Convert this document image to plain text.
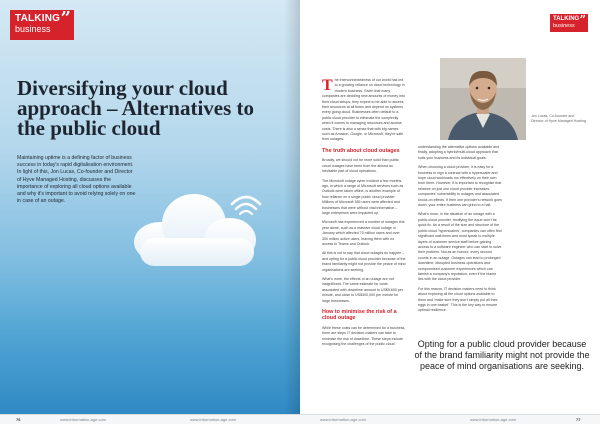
TALKING
business ”
Diversifying your cloud approach – Alternatives to the public cloud

Maintaining uptime is a defining factor of business success in today's rapid digitalisation environment. In light of this, Jon Lucas, Co-founder and Director of Hyve Managed Hosting, discusses the importance of exploring all cloud options available and why it's important to avoid relying solely on one in case of an outage.

76	www.information-age.com	www.information-age.com
TALKING
business ”

The interconnectedness of our world has led to a growing reliance on cloud technology in modern business. Given that many companies are deciding new amounts of money into their cloud setups, they expect to be able to access their resources at all times and depend on systems every going cloud. Businesses often default to a public cloud provider to eliminate the complexity when it comes to managing resources and access costs. There is also a sense that with big names such as Amazon, Google, or Microsoft, they're safe from outages.

The truth about cloud outages

Broadly, we should not be more solid than public cloud outages have been from the almost an inevitable part of cloud operations.

The Microsoft outage cyber incident a few months ago, in which a range of Microsoft services such as Outlook were taken offline, is another example of how reliance on a single public cloud provider. Millions of Microsoft 365 users were affected and businesses that were without vital information – large enterprises were impacted up.

Microsoft has experienced a number of outages this year alone, such as a massive cloud outage in January which affected 70 million users and over 300 million active users, leaving them with no access to Teams and Outlook.

All this is not to say that cloud outages do happen – and opting for a public cloud provider because of the brand familiarity might not provide the peace of mind organisations are seeking.

What's more, the effects of an outage are not insignificant. The same estimate for costs associated with downtime amount to US$5,600 per minute, and close to US$300,000 per minute for large businesses.

How to minimise the risk of a cloud outage

While these costs can be determined for a business, there are steps IT decision-makers can take to minimise the risk of downtime. These steps include recognising the challenges of the public cloud.

Jon Lucas, Co-founder and Director of Hyve Managed Hosting

understanding the alternative options available and finally, adopting a hybrid/multi-cloud approach that suits your business and its individual goals.

When choosing a cloud provider, it is easy for a business to sign a contract with a hyperscaler and hope cloud workloads run effectively on their own from there. However, it is important to recognise that reliance on just one cloud provider increases companies' vulnerability to outages and associated knock-on effects. If their one provider's network goes down, your entire business can grind to a halt.

What's more, in the situation of an outage with a public cloud provider, rectifying the issue won't be quick fix. As a result of the size and structure of the public cloud 'hyperscalers', companies can often find significant wait times and must speak to multiple layers of customer service staff before gaining access to a software engineer who can start to solve their problem. Not as an honour, every second counts in an outage. Outages can lead to prolonged downtime, disrupted business operations and compromised customer experiences which can tarnish a company's reputation, even if the blame lies with the cloud provider.

For this reason, IT decision-makers need to think about exploring all the cloud options available to them and 'make sure they don't simply put all their eggs in one basket'. This is the key way to ensure optimal resilience.

Opting for a public cloud provider because of the brand familiarity might not provide the peace of mind organisations are seeking.

www.information-age.com	www.information-age.com	77
